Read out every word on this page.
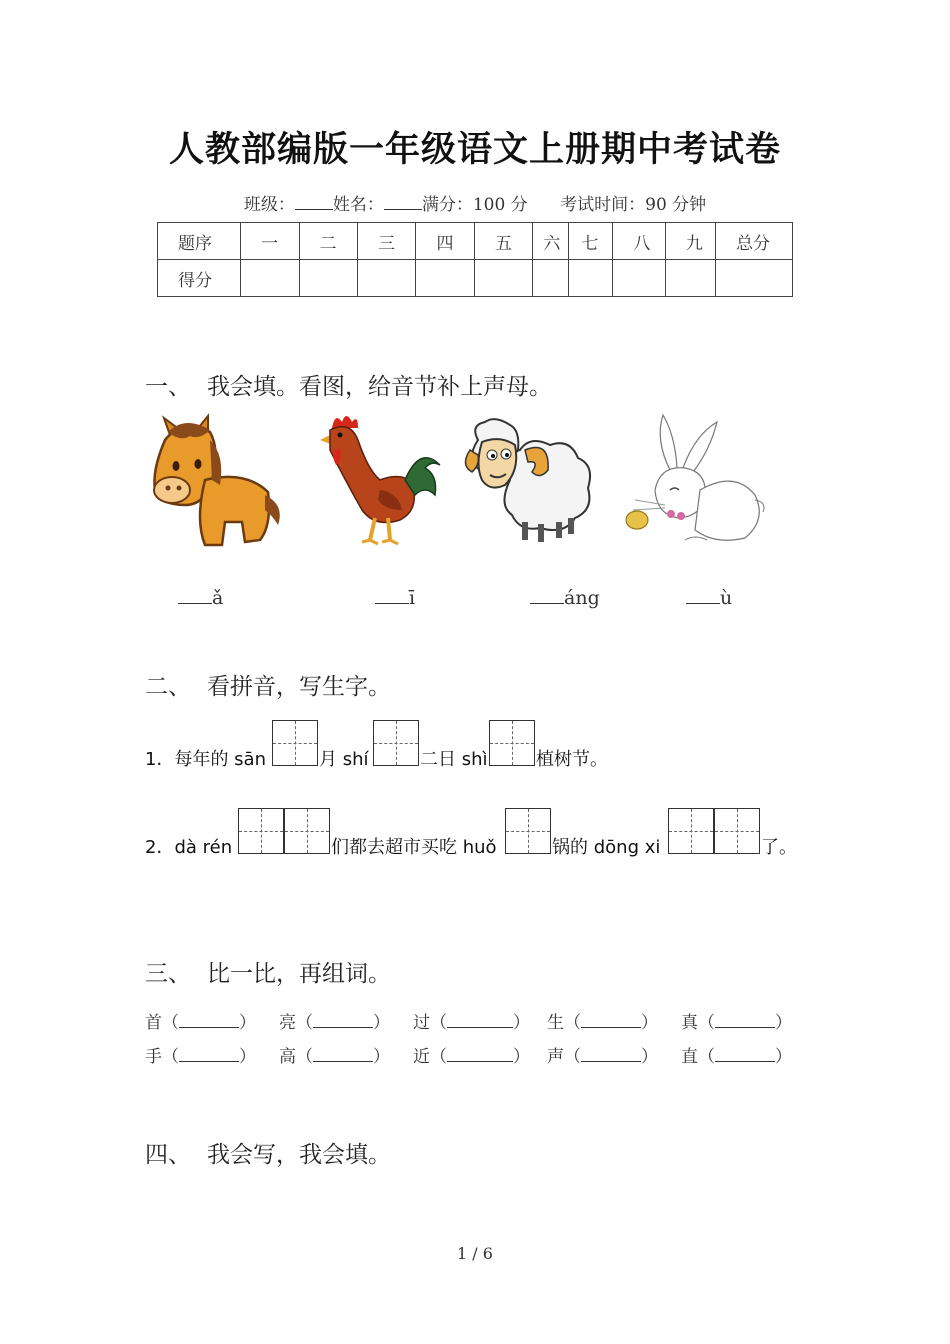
人教部编版一年级语文上册期中考试卷
班级： 姓名： 满分：100 分 考试时间：90 分钟
题序	一	二	三	四	五	六	七	八	九	总分
得分										
一、 我会填。看图，给音节补上声母。
ǎ	ī	áng	ù
二、 看拼音，写生字。
1．每年的 sān	月 shí	二日 shì	植树节。
2．dà rén	们都去超市买吃 huǒ	锅的 dōng xi	了。
三、 比一比，再组词。
首（	） 亮（	） 过（	） 生（	） 真（	）
手（	） 高（	） 近（	） 声（	） 直（	）
四、 我会写，我会填。
1 / 6
